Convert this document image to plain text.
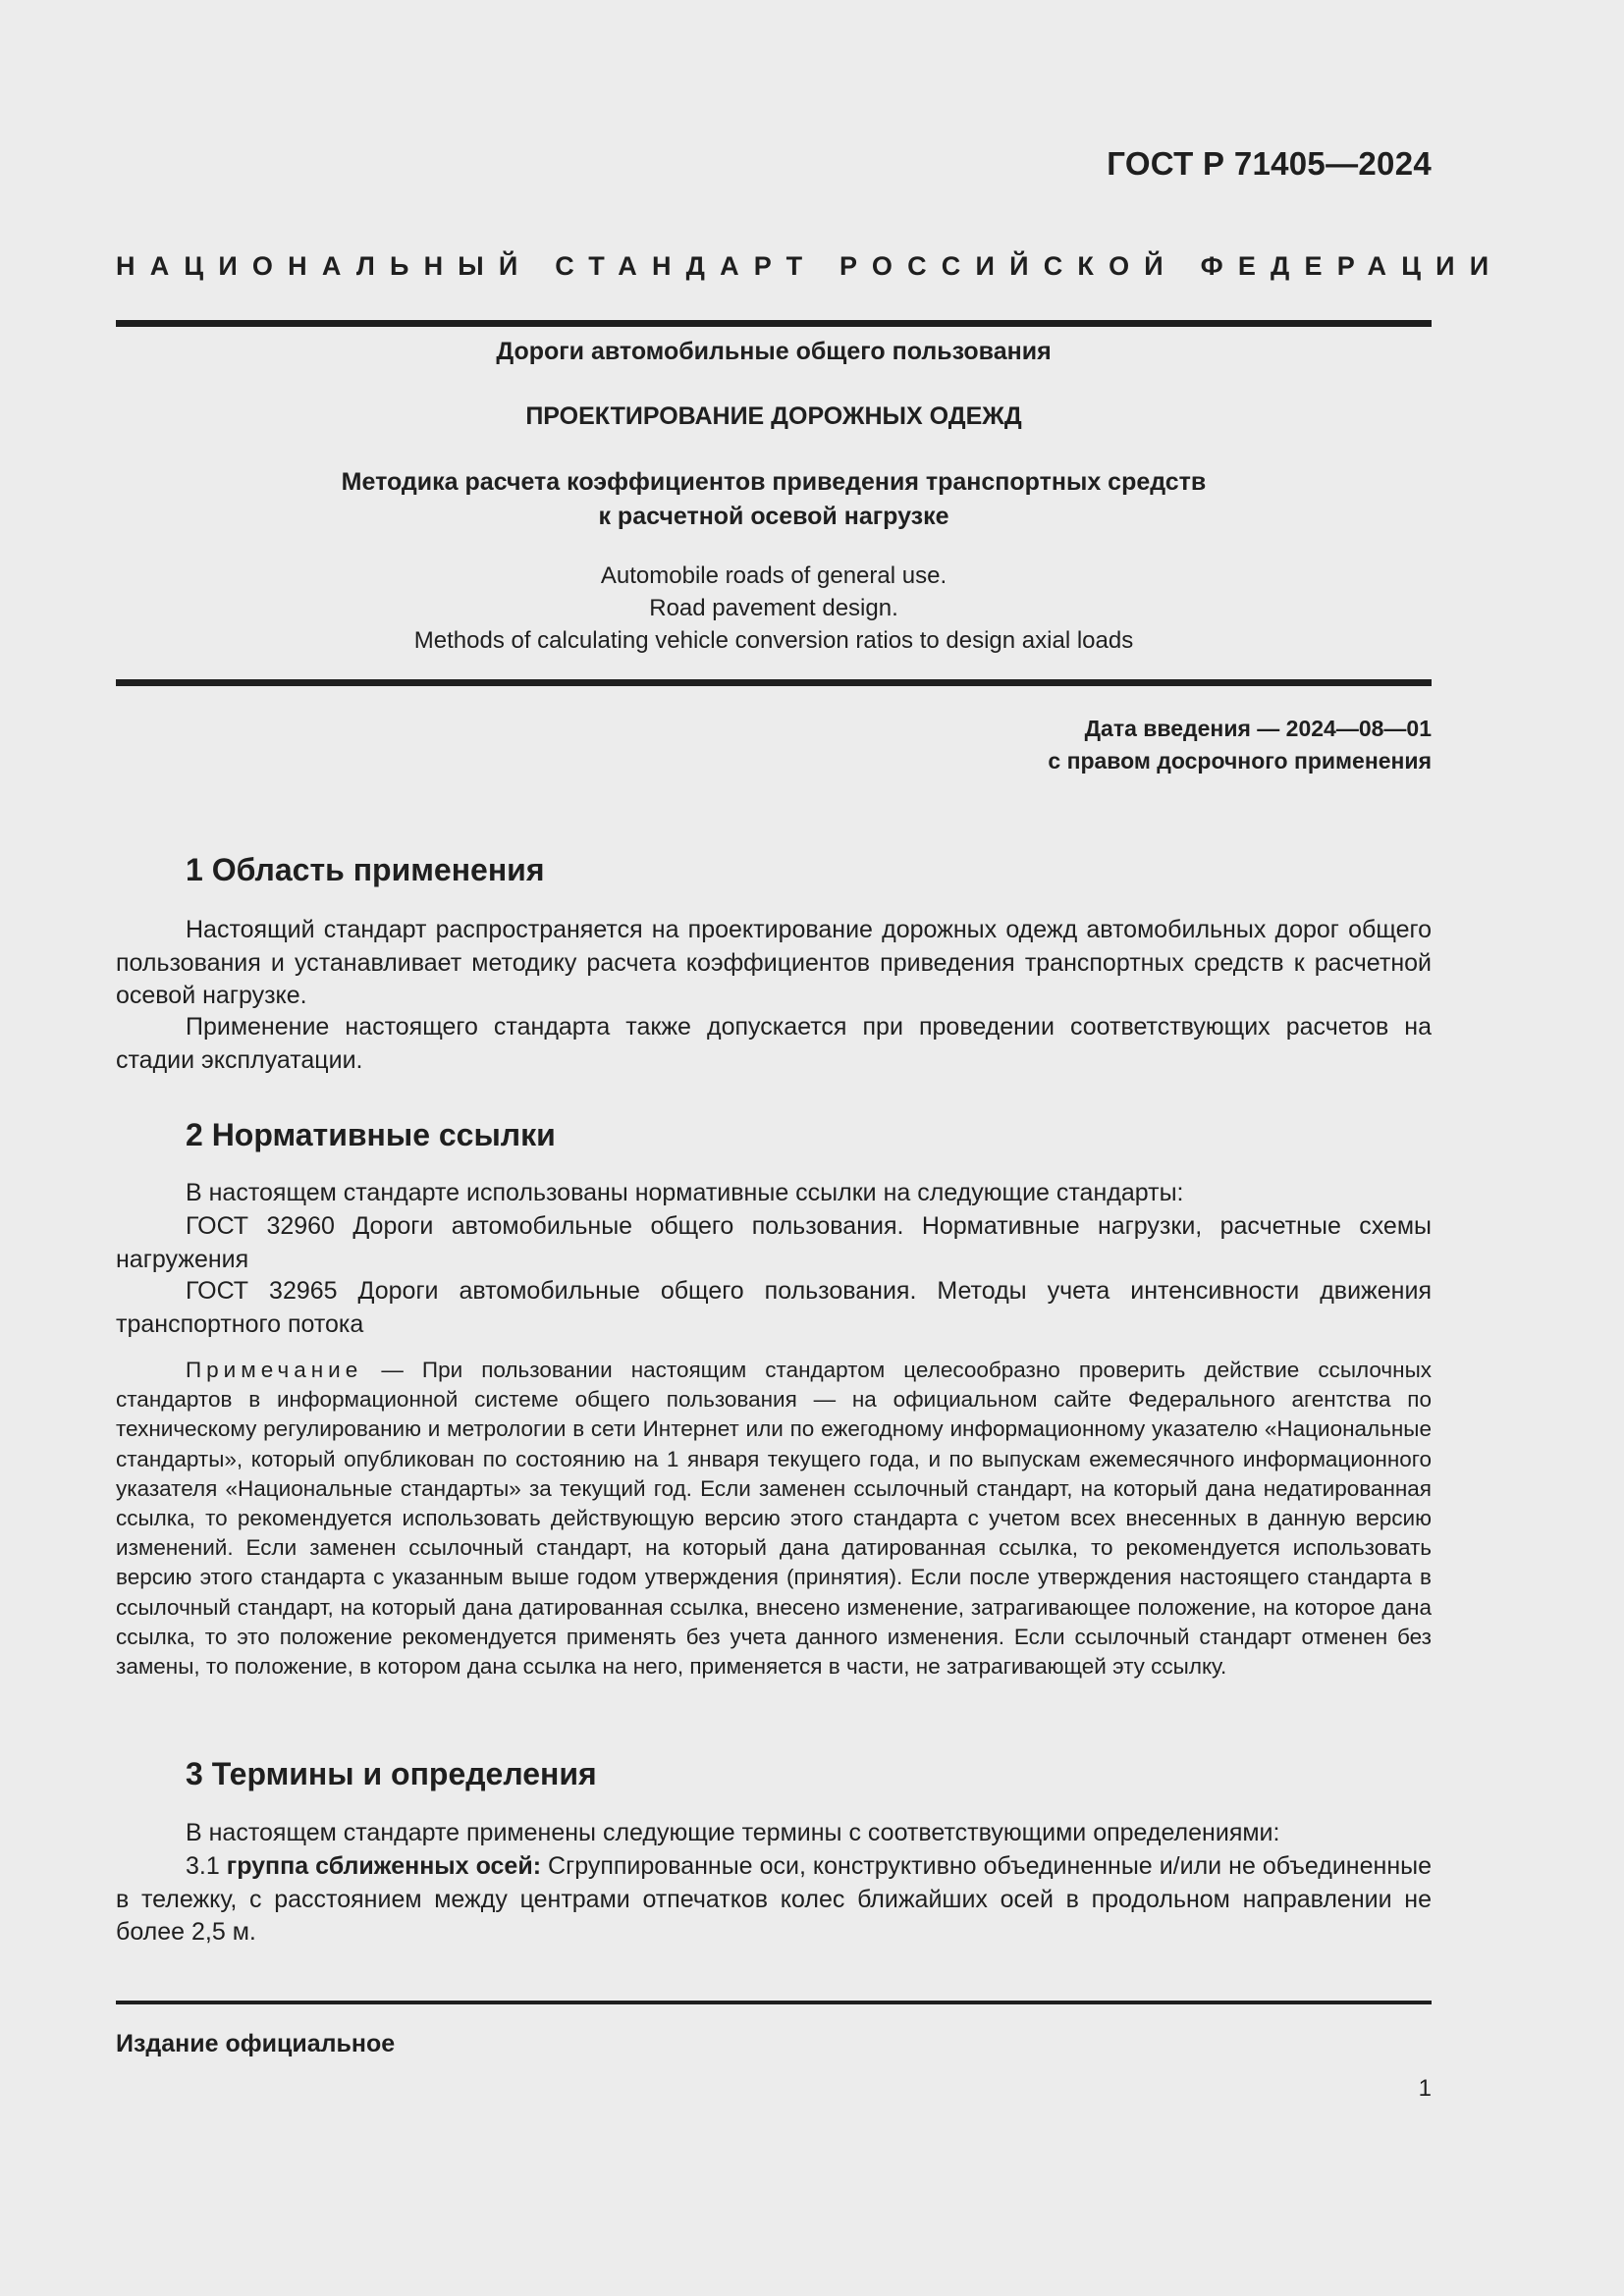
ГОСТ Р 71405—2024
НАЦИОНАЛЬНЫЙ СТАНДАРТ РОССИЙСКОЙ ФЕДЕРАЦИИ
Дороги автомобильные общего пользования
ПРОЕКТИРОВАНИЕ ДОРОЖНЫХ ОДЕЖД
Методика расчета коэффициентов приведения транспортных средств
к расчетной осевой нагрузке
Automobile roads of general use.
Road pavement design.
Methods of calculating vehicle conversion ratios to design axial loads
Дата введения — 2024—08—01
с правом досрочного применения
1 Область применения

Настоящий стандарт распространяется на проектирование дорожных одежд автомобильных дорог общего пользования и устанавливает методику расчета коэффициентов приведения транспортных средств к расчетной осевой нагрузке.

Применение настоящего стандарта также допускается при проведении соответствующих расчетов на стадии эксплуатации.

2 Нормативные ссылки

В настоящем стандарте использованы нормативные ссылки на следующие стандарты:

ГОСТ 32960 Дороги автомобильные общего пользования. Нормативные нагрузки, расчетные схемы нагружения

ГОСТ 32965 Дороги автомобильные общего пользования. Методы учета интенсивности движения транспортного потока

Примечание — При пользовании настоящим стандартом целесообразно проверить действие ссылочных стандартов в информационной системе общего пользования — на официальном сайте Федерального агентства по техническому регулированию и метрологии в сети Интернет или по ежегодному информационному указателю «Национальные стандарты», который опубликован по состоянию на 1 января текущего года, и по выпускам ежемесячного информационного указателя «Национальные стандарты» за текущий год. Если заменен ссылочный стандарт, на который дана недатированная ссылка, то рекомендуется использовать действующую версию этого стандарта с учетом всех внесенных в данную версию изменений. Если заменен ссылочный стандарт, на который дана датированная ссылка, то рекомендуется использовать версию этого стандарта с указанным выше годом утверждения (принятия). Если после утверждения настоящего стандарта в ссылочный стандарт, на который дана датированная ссылка, внесено изменение, затрагивающее положение, на которое дана ссылка, то это положение рекомендуется применять без учета данного изменения. Если ссылочный стандарт отменен без замены, то положение, в котором дана ссылка на него, применяется в части, не затрагивающей эту ссылку.

3 Термины и определения

В настоящем стандарте применены следующие термины с соответствующими определениями:

3.1 группа сближенных осей: Сгруппированные оси, конструктивно объединенные и/или не объединенные в тележку, с расстоянием между центрами отпечатков колес ближайших осей в продольном направлении не более 2,5 м.

Издание официальное
1
